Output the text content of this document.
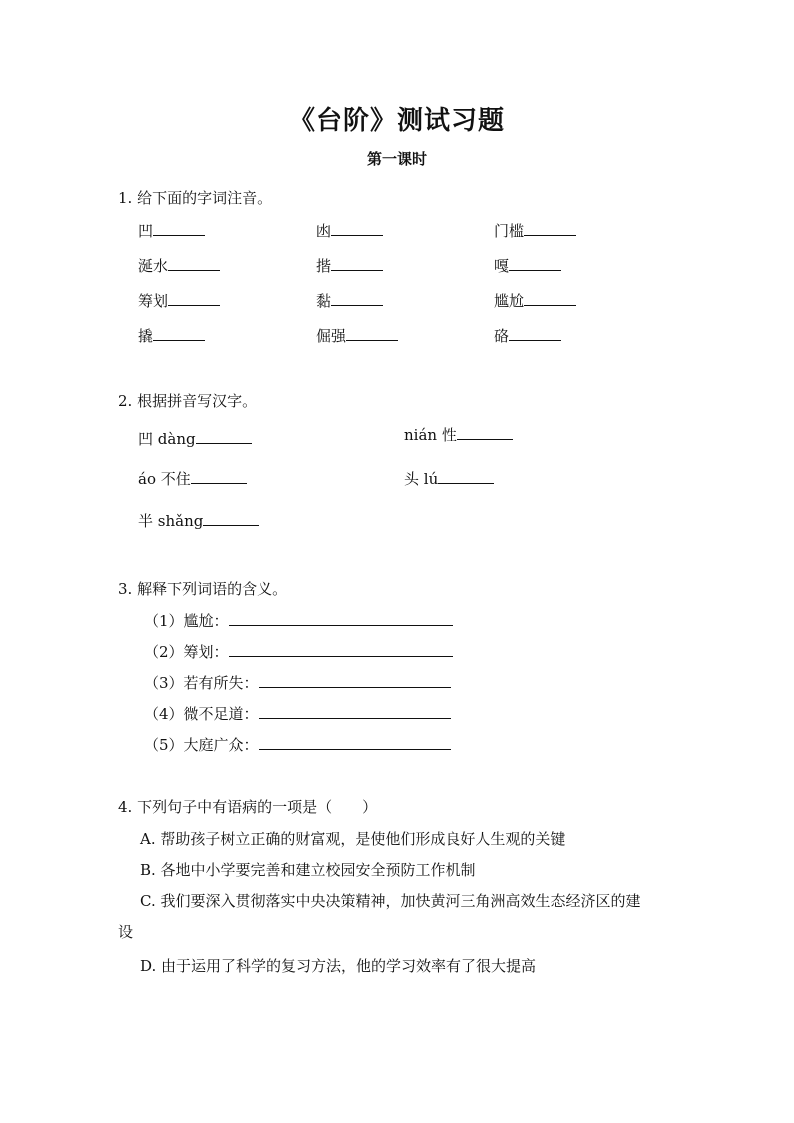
《台阶》测试习题
第一课时
1. 给下面的字词注音。
凹	凼	门槛
涎水	揩	嘎
筹划	黏	尴尬
撬	倔强	硌
2. 根据拼音写汉字。
凹 dàng	nián 性
áo 不住	头 lú
半 shǎng
3. 解释下列词语的含义。
（1）尴尬：
（2）筹划：
（3）若有所失：
（4）微不足道：
（5）大庭广众：
4. 下列句子中有语病的一项是（　　）
A. 帮助孩子树立正确的财富观，是使他们形成良好人生观的关键
B. 各地中小学要完善和建立校园安全预防工作机制
C. 我们要深入贯彻落实中央决策精神，加快黄河三角洲高效生态经济区的建
设
D. 由于运用了科学的复习方法，他的学习效率有了很大提高
